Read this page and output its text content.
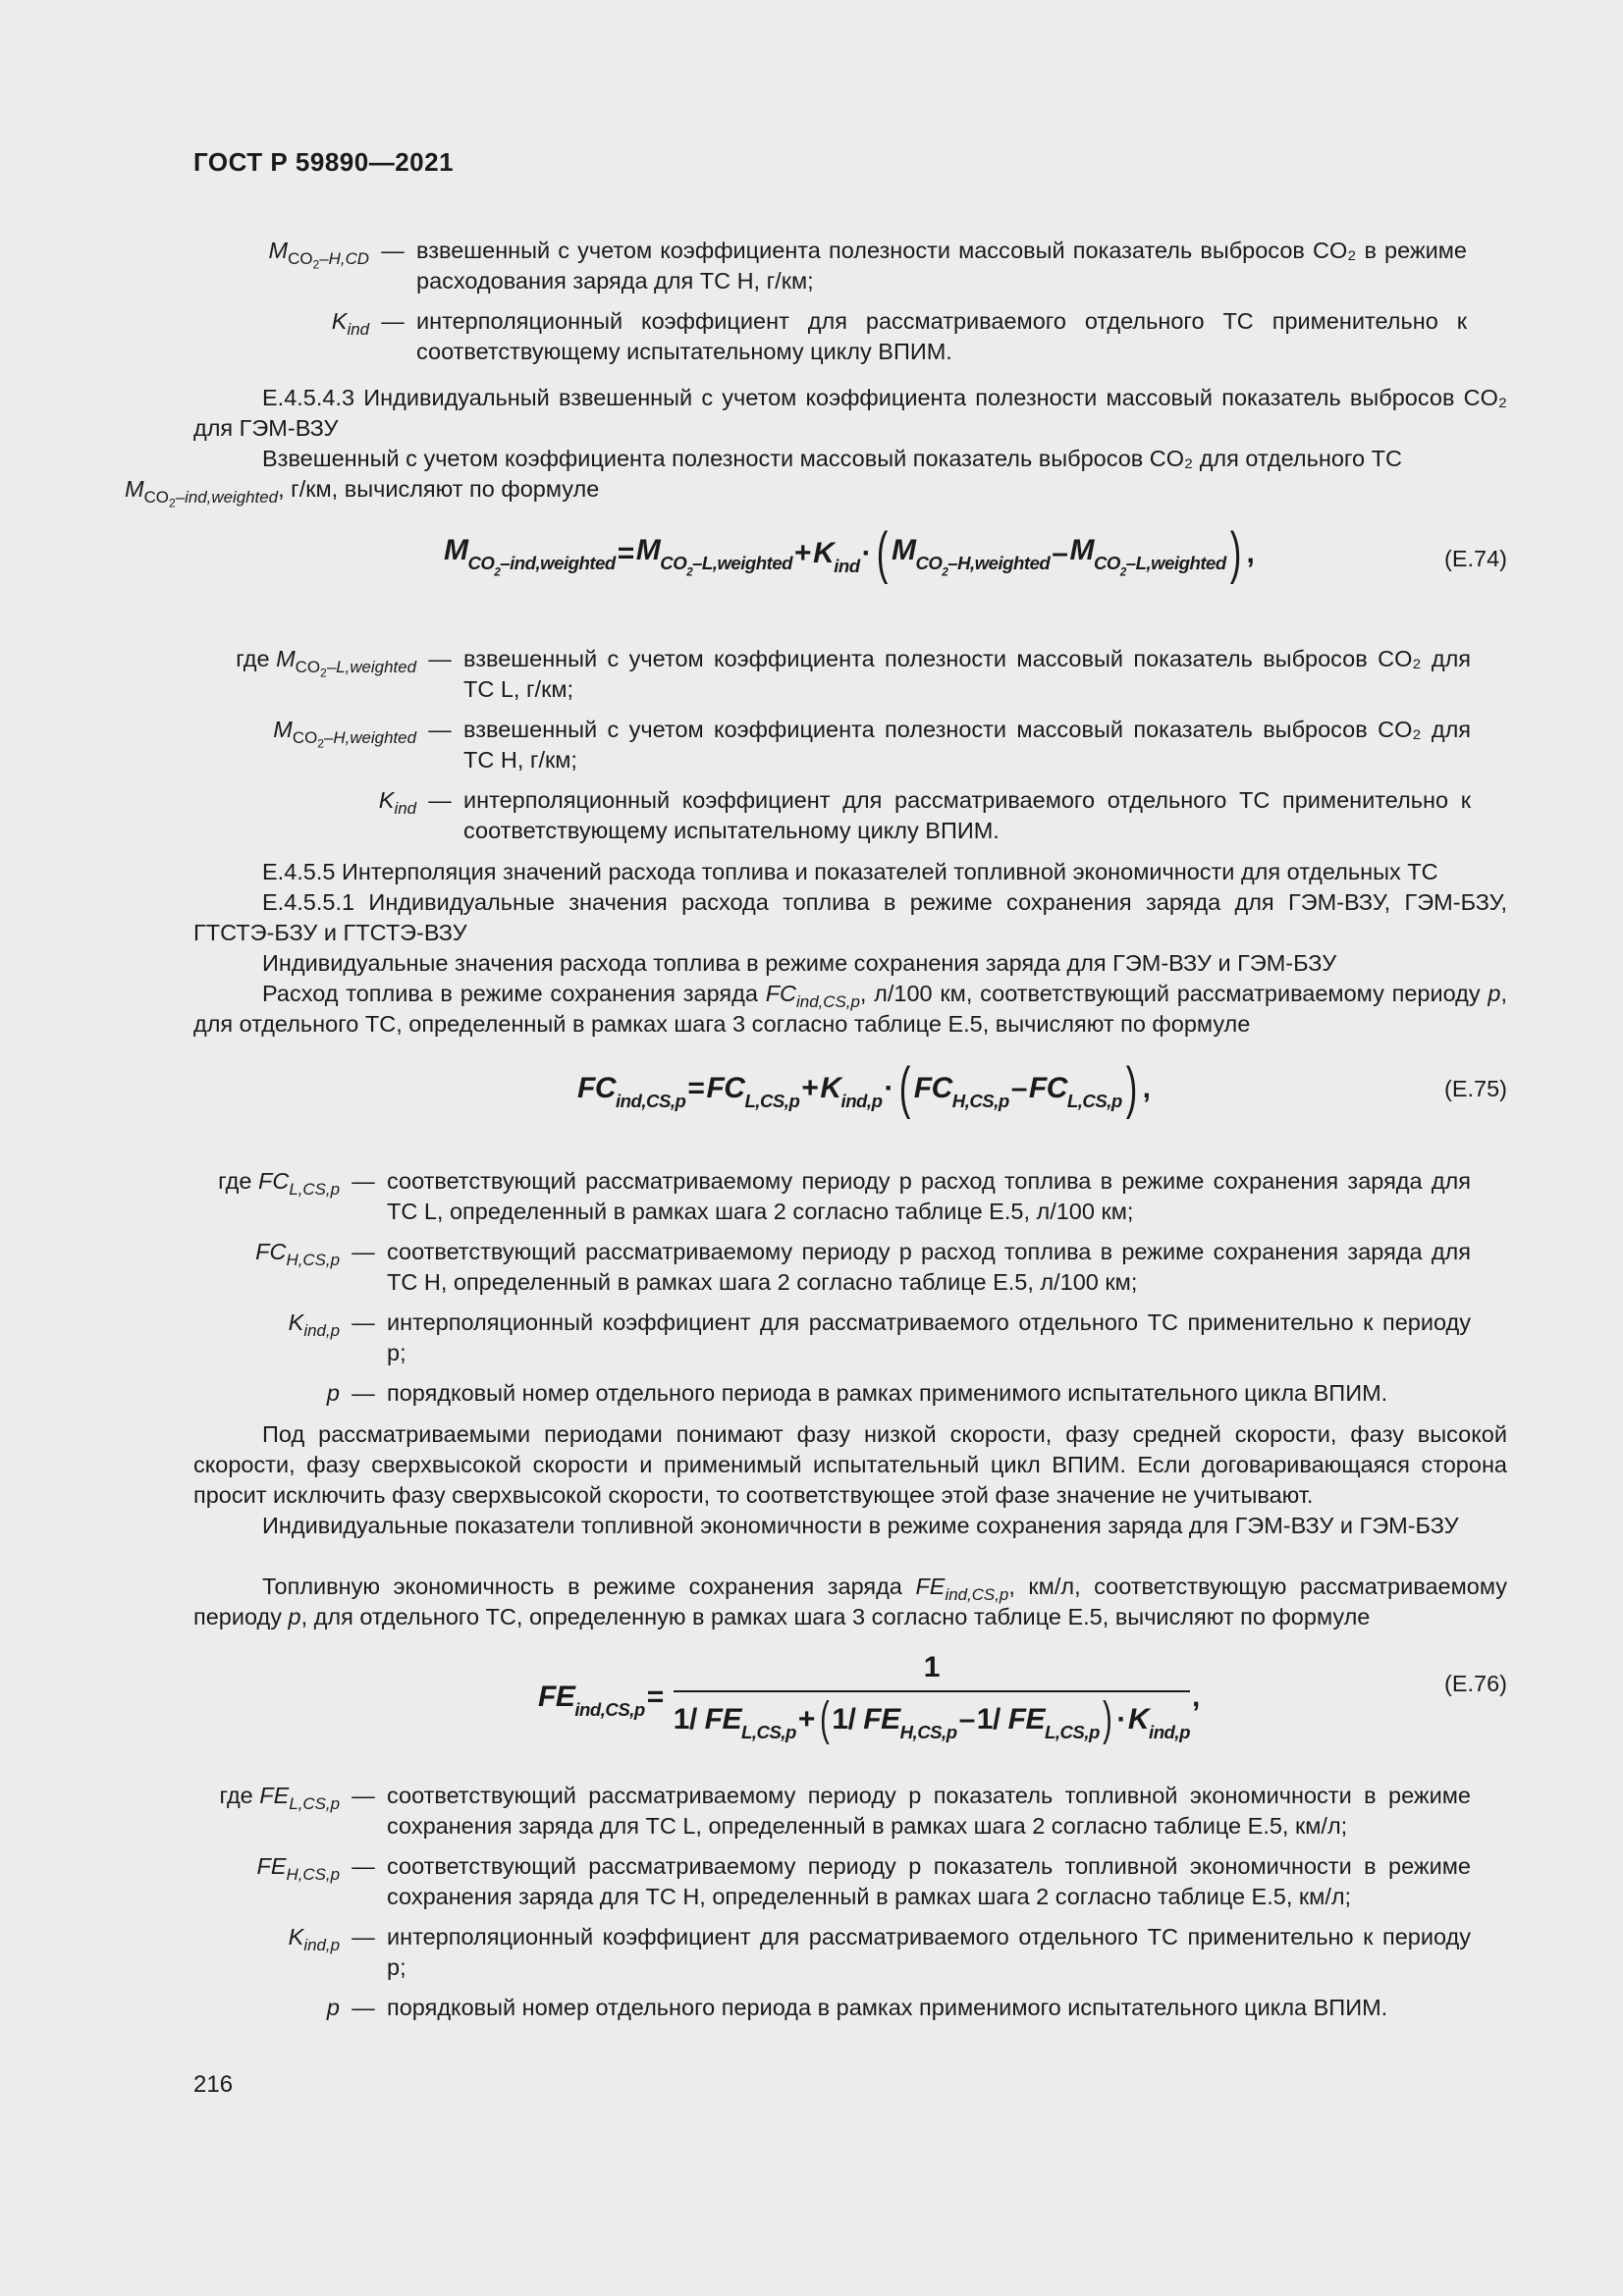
ГОСТ Р 59890—2021
$M_{CO_2-H,CD}$ — взвешенный с учетом коэффициента полезности массовый показатель выбросов CO₂ в режиме расходования заряда для ТС Н, г/км;
$K_{ind}$ — интерполяционный коэффициент для рассматриваемого отдельного ТС применительно к соответствующему испытательному циклу ВПИМ.
Е.4.5.4.3 Индивидуальный взвешенный с учетом коэффициента полезности массовый показатель выбросов CO₂ для ГЭМ-ВЗУ
Взвешенный с учетом коэффициента полезности массовый показатель выбросов CO₂ для отдельного ТС
$M_{CO_2-ind,weighted}$, г/км, вычисляют по формуле
$M_{CO_2-ind,weighted} = M_{CO_2-L,weighted} + K_{ind}$ · ( $M_{CO_2-H,weighted} - M_{CO_2-L,weighted}$ ) ,	(E.74)
где $M_{CO_2-L,weighted}$ — взвешенный с учетом коэффициента полезности массовый показатель выбросов CO₂ для ТС L, г/км;
$M_{CO_2-H,weighted}$ — взвешенный с учетом коэффициента полезности массовый показатель выбросов CO₂ для ТС Н, г/км;
$K_{ind}$ — интерполяционный коэффициент для рассматриваемого отдельного ТС применительно к соответствующему испытательному циклу ВПИМ.
Е.4.5.5 Интерполяция значений расхода топлива и показателей топливной экономичности для отдельных ТС
Е.4.5.5.1 Индивидуальные значения расхода топлива в режиме сохранения заряда для ГЭМ-ВЗУ, ГЭМ-БЗУ, ГТСТЭ-БЗУ и ГТСТЭ-ВЗУ
Индивидуальные значения расхода топлива в режиме сохранения заряда для ГЭМ-ВЗУ и ГЭМ-БЗУ
Расход топлива в режиме сохранения заряда $FC_{ind,CS,p}$, л/100 км, соответствующий рассматриваемому периоду p, для отдельного ТС, определенный в рамках шага 3 согласно таблице Е.5, вычисляют по формуле
$FC_{ind,CS,p} = FC_{L,CS,p} + K_{ind,p}$ · ( $FC_{H,CS,p} - FC_{L,CS,p}$ ) ,	(E.75)
где $FC_{L,CS,p}$ — соответствующий рассматриваемому периоду p расход топлива в режиме сохранения заряда для ТС L, определенный в рамках шага 2 согласно таблице Е.5, л/100 км;
$FC_{H,CS,p}$ — соответствующий рассматриваемому периоду p расход топлива в режиме сохранения заряда для ТС Н, определенный в рамках шага 2 согласно таблице Е.5, л/100 км;
$K_{ind,p}$ — интерполяционный коэффициент для рассматриваемого отдельного ТС применительно к периоду p;
p — порядковый номер отдельного периода в рамках применимого испытательного цикла ВПИМ.
Под рассматриваемыми периодами понимают фазу низкой скорости, фазу средней скорости, фазу высокой скорости, фазу сверхвысокой скорости и применимый испытательный цикл ВПИМ. Если договаривающаяся сторона просит исключить фазу сверхвысокой скорости, то соответствующее этой фазе значение не учитывают.
Индивидуальные показатели топливной экономичности в режиме сохранения заряда для ГЭМ-ВЗУ и ГЭМ-БЗУ
Топливную экономичность в режиме сохранения заряда $FE_{ind,CS,p}$, км/л, соответствующую рассматриваемому периоду p, для отдельного ТС, определенную в рамках шага 3 согласно таблице Е.5, вычисляют по формуле
$FE_{ind,CS,p} = 1$
1/
$FE_{L,CS,p}$ + ( 1/
$FE_{H,CS,p} - 1/$
$FE_{L,CS,p}$ ) · $K_{ind,p}$ ,	(E.76)
где $FE_{L,CS,p}$ — соответствующий рассматриваемому периоду p показатель топливной экономичности в режиме сохранения заряда для ТС L, определенный в рамках шага 2 согласно таблице Е.5, км/л;
$FE_{H,CS,p}$ — соответствующий рассматриваемому периоду p показатель топливной экономичности в режиме сохранения заряда для ТС Н, определенный в рамках шага 2 согласно таблице Е.5, км/л;
$K_{ind,p}$ — интерполяционный коэффициент для рассматриваемого отдельного ТС применительно к периоду p;
p — порядковый номер отдельного периода в рамках применимого испытательного цикла ВПИМ.
216
